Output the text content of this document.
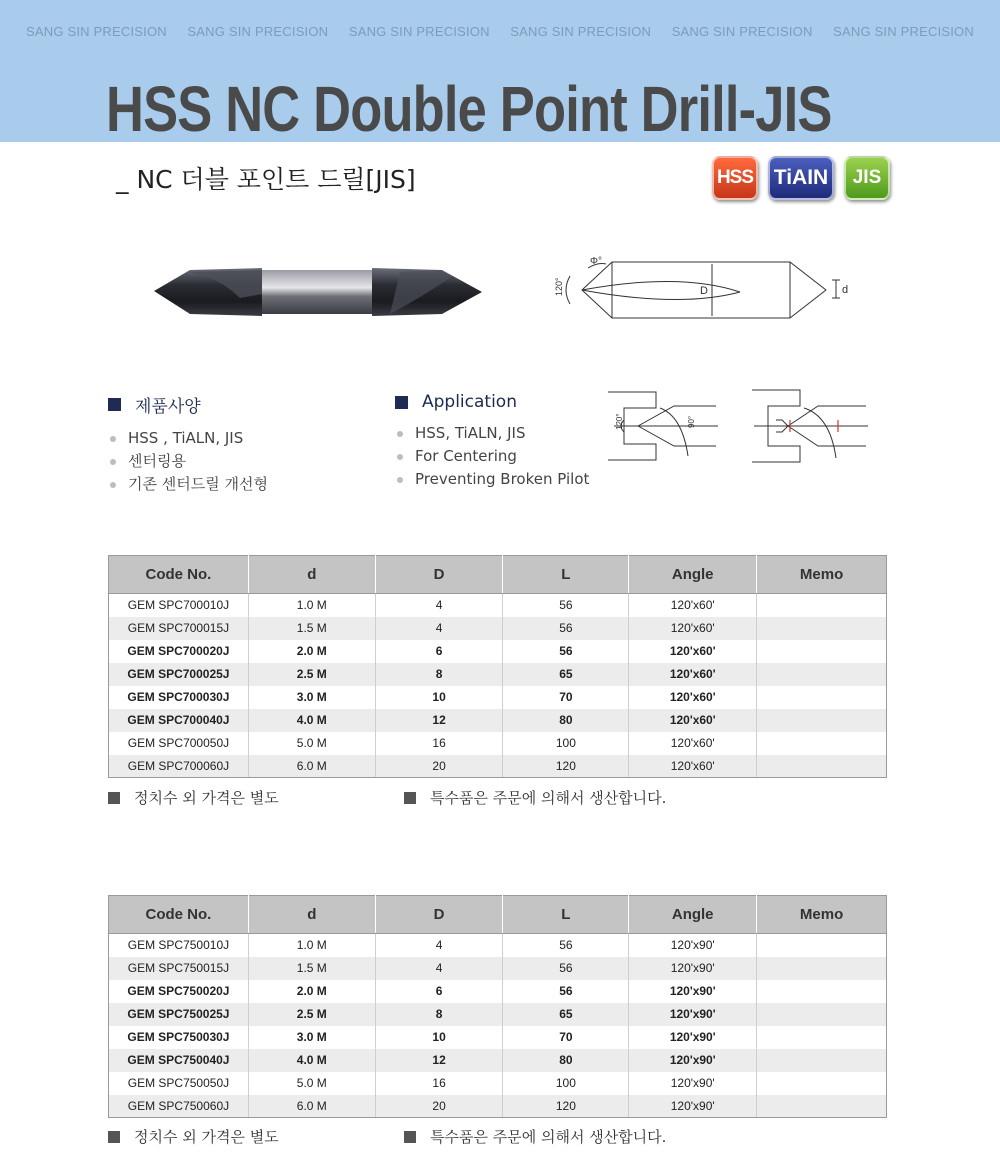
SANG SIN PRECISION SANG SIN PRECISION SANG SIN PRECISION SANG SIN PRECISION SANG SIN PRECISION SANG SIN PRECISION
HSS NC Double Point Drill-JIS
_ NC 더블 포인트 드릴[JIS]	HSS TiAIN	JIS
Φ°
120°	D	d
제품사양
HSS , TiALN, JIS
센터링용
기존 센터드릴 개선형
Application
HSS, TiALN, JIS
For Centering
Preventing Broken Pilot
120°	90°
Code No.	d	D	L	Angle	Memo
GEM SPC700010J	1.0 M	4	56	120'x60'	
GEM SPC700015J	1.5 M	4	56	120'x60'	
GEM SPC700020J	2.0 M	6	56	120'x60'	
GEM SPC700025J	2.5 M	8	65	120'x60'	
GEM SPC700030J	3.0 M	10	70	120'x60'	
GEM SPC700040J	4.0 M	12	80	120'x60'	
GEM SPC700050J	5.0 M	16	100	120'x60'	
GEM SPC700060J	6.0 M	20	120	120'x60'	
정치수 외 가격은 별도	특수품은 주문에 의해서 생산합니다.
Code No.	d	D	L	Angle	Memo
GEM SPC750010J	1.0 M	4	56	120'x90'	
GEM SPC750015J	1.5 M	4	56	120'x90'	
GEM SPC750020J	2.0 M	6	56	120'x90'	
GEM SPC750025J	2.5 M	8	65	120'x90'	
GEM SPC750030J	3.0 M	10	70	120'x90'	
GEM SPC750040J	4.0 M	12	80	120'x90'	
GEM SPC750050J	5.0 M	16	100	120'x90'	
GEM SPC750060J	6.0 M	20	120	120'x90'	
정치수 외 가격은 별도	특수품은 주문에 의해서 생산합니다.
